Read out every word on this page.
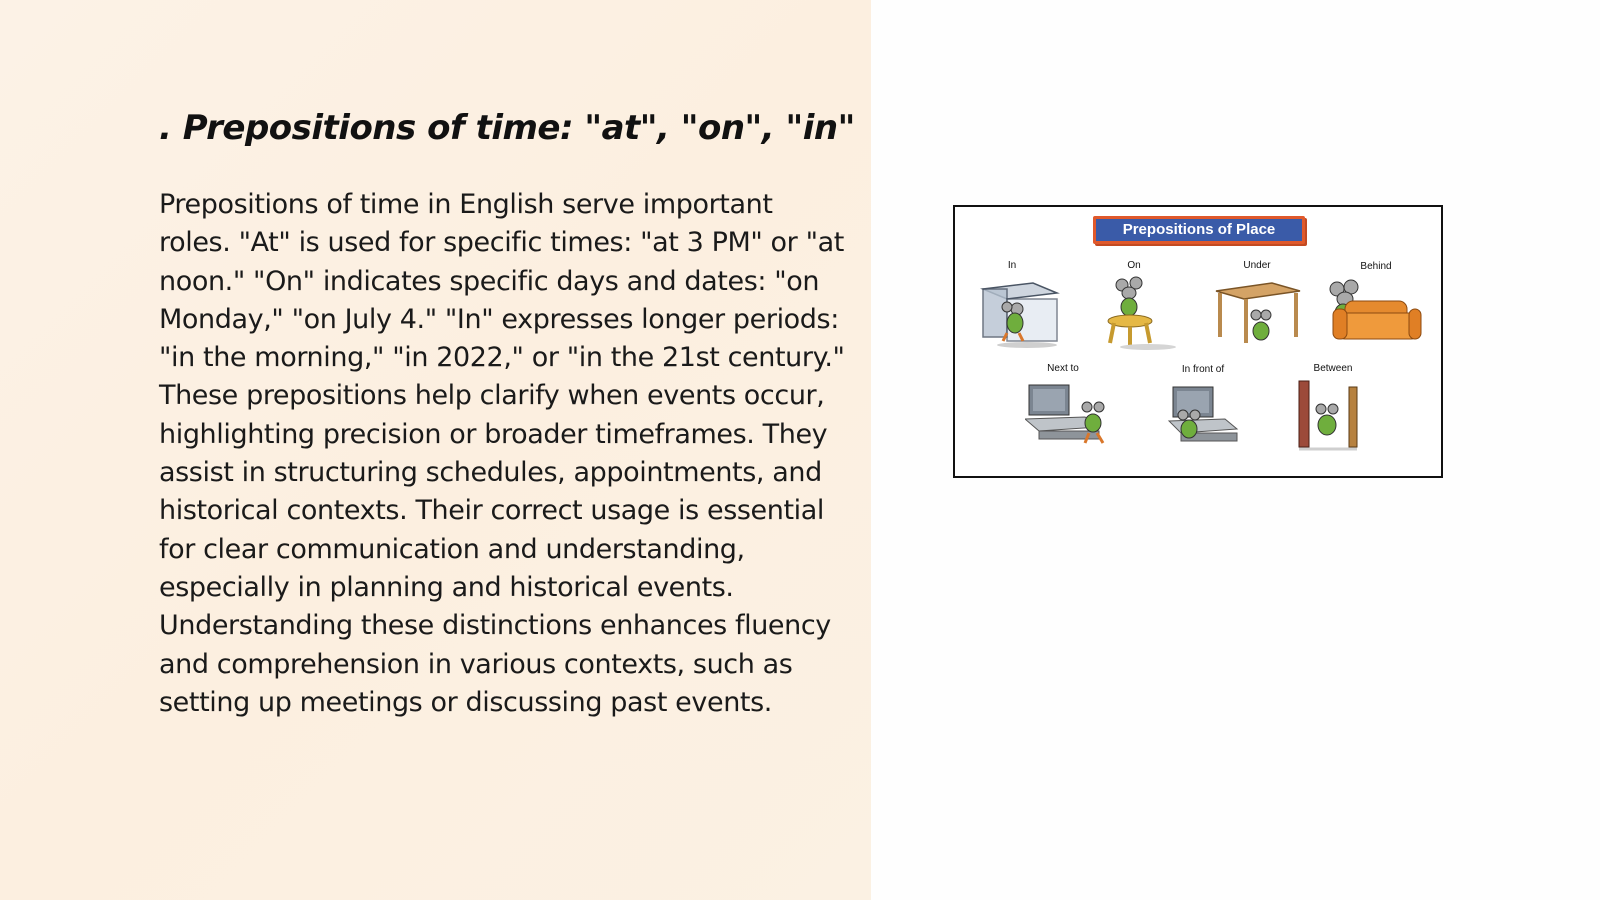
. Prepositions of time: "at", "on", "in"
Prepositions of time in English serve important roles. "At" is used for specific times: "at 3 PM" or "at noon." "On" indicates specific days and dates: "on Monday," "on July 4." "In" expresses longer periods: "in the morning," "in 2022," or "in the 21st century." These prepositions help clarify when events occur, highlighting precision or broader timeframes. They assist in structuring schedules, appointments, and historical contexts. Their correct usage is essential for clear communication and understanding, especially in planning and historical events. Understanding these distinctions enhances fluency and comprehension in various contexts, such as setting up meetings or discussing past events.
Prepositions of Place
In	On	Under	Behind
Next to	In front of	Between
